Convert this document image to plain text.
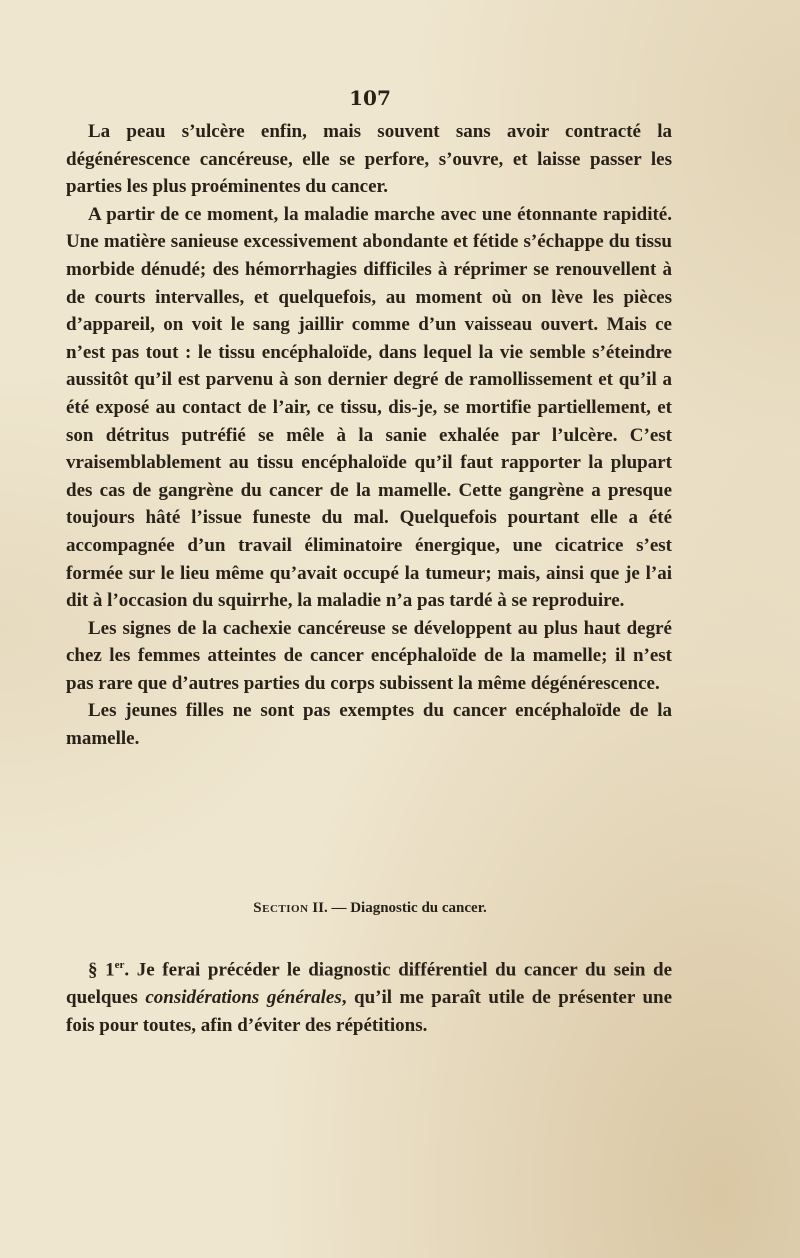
107

La peau s’ulcère enfin, mais souvent sans avoir contracté la dégénérescence cancéreuse, elle se perfore, s’ouvre, et laisse passer les parties les plus proéminentes du cancer.

A partir de ce moment, la maladie marche avec une étonnante rapidité. Une matière sanieuse excessivement abondante et fétide s’échappe du tissu morbide dénudé; des hémorrhagies difficiles à réprimer se renouvellent à de courts intervalles, et quelquefois, au moment où on lève les pièces d’appareil, on voit le sang jaillir comme d’un vaisseau ouvert. Mais ce n’est pas tout : le tissu encéphaloïde, dans lequel la vie semble s’éteindre aussitôt qu’il est parvenu à son dernier degré de ramollissement et qu’il a été exposé au contact de l’air, ce tissu, dis-je, se mortifie partiellement, et son détritus putréfié se mêle à la sanie exhalée par l’ulcère. C’est vraisemblablement au tissu encéphaloïde qu’il faut rapporter la plupart des cas de gangrène du cancer de la mamelle. Cette gangrène a presque toujours hâté l’issue funeste du mal. Quelquefois pourtant elle a été accompagnée d’un travail éliminatoire énergique, une cicatrice s’est formée sur le lieu même qu’avait occupé la tumeur; mais, ainsi que je l’ai dit à l’occasion du squirrhe, la maladie n’a pas tardé à se reproduire.

Les signes de la cachexie cancéreuse se développent au plus haut degré chez les femmes atteintes de cancer encéphaloïde de la mamelle; il n’est pas rare que d’autres parties du corps subissent la même dégénérescence.

Les jeunes filles ne sont pas exemptes du cancer encéphaloïde de la mamelle.

Section II. — Diagnostic du cancer.

§ 1er. Je ferai précéder le diagnostic différentiel du cancer du sein de quelques considérations générales, qu’il me paraît utile de présenter une fois pour toutes, afin d’éviter des répétitions.
